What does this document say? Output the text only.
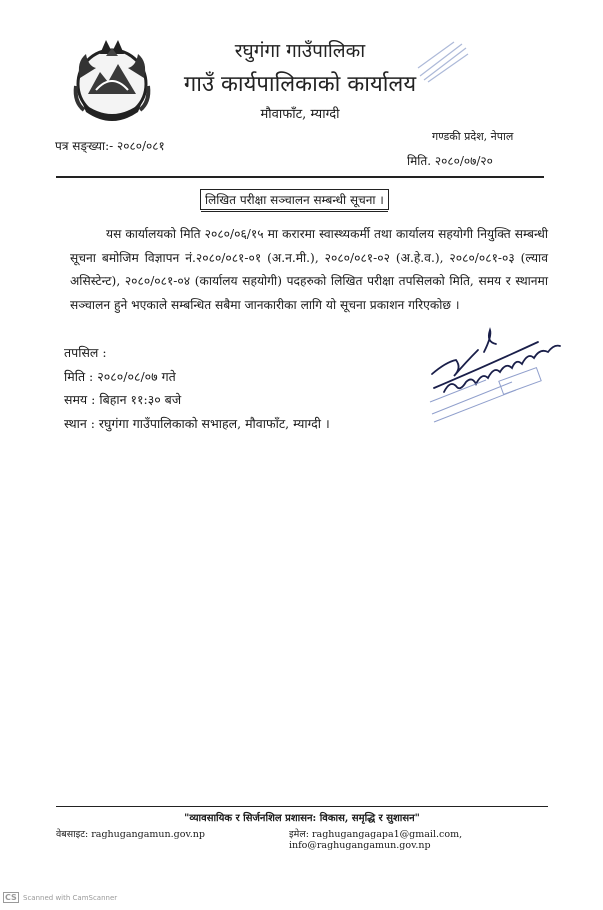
रघुगंगा गाउँपालिका
गाउँ कार्यपालिकाको कार्यालय
मौवाफाँट, म्याग्दी
पत्र सङ्ख्या:- २०८०/०८१
गण्डकी प्रदेश, नेपाल
मिति. २०८०/०७/२०
लिखित परीक्षा सञ्चालन सम्बन्धी सूचना ।

यस कार्यालयको मिति २०८०/०६/१५ मा करारमा स्वास्थ्यकर्मी तथा कार्यालय सहयोगी नियुक्ति सम्बन्धी सूचना बमोजिम विज्ञापन नं.२०८०/०८१-०१ (अ.न.मी.), २०८०/०८१-०२ (अ.हे.व.), २०८०/०८१-०३ (ल्याव असिस्टेन्ट), २०८०/०८१-०४ (कार्यालय सहयोगी) पदहरुको लिखित परीक्षा तपसिलको मिति, समय र स्थानमा सञ्चालन हुने भएकाले सम्बन्धित सबैमा जानकारीका लागि यो सूचना प्रकाशन गरिएकोछ ।

तपसिल :
मिति : २०८०/०८/०७ गते
समय : बिहान ११:३० बजे
स्थान : रघुगंगा गाउँपालिकाको सभाहल, मौवाफाँट, म्याग्दी ।
"व्यावसायिक र सिर्जनशिल प्रशासन: विकास, समृद्धि र सुशासन"
वेबसाइट: raghugangamun.gov.np	इमेल: raghugangagapa1@gmail.com, info@raghugangamun.gov.np
CS Scanned with CamScanner
